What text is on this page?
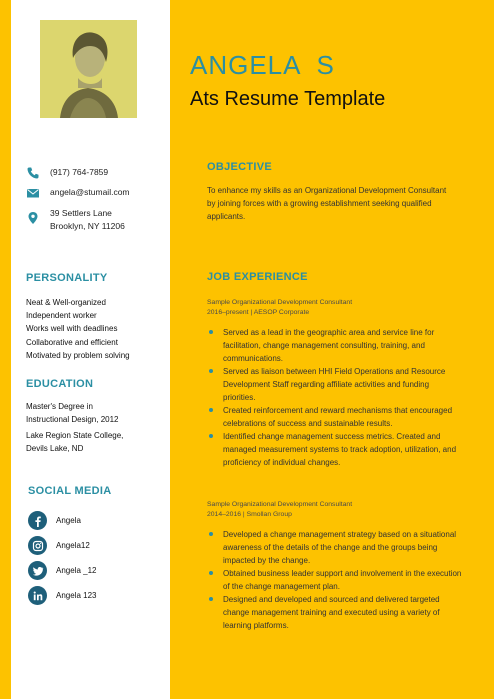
ANGELA  S
Ats Resume Template
(917) 764-7859
angela@stumail.com
39 Settlers Lane
Brooklyn, NY 11206
PERSONALITY
Neat & Well-organized
Independent worker
Works well with deadlines
Collaborative and efficient
Motivated by problem solving
EDUCATION
Master's Degree in
Instructional Design, 2012
Lake Region State College,
Devils Lake, ND
SOCIAL MEDIA
Angela
Angela12
Angela _12
Angela 123
OBJECTIVE
To enhance my skills as an Organizational Development Consultant by joining forces with a growing establishment seeking qualified applicants.
JOB EXPERIENCE
Sample Organizational Development Consultant
2016–present | AESOP Corporate
Served as a lead in the geographic area and service line for facilitation, change management consulting, training, and communications.
Served as liaison between HHI Field Operations and Resource Development Staff regarding affiliate activities and funding priorities.
Created reinforcement and reward mechanisms that encouraged celebrations of success and sustainable results.
Identified change management success metrics. Created and managed measurement systems to track adoption, utilization, and proficiency of individual changes.
Sample Organizational Development Consultant
2014–2016 | Smollan Group
Developed a change management strategy based on a situational awareness of the details of the change and the groups being impacted by the change.
Obtained business leader support and involvement in the execution of the change management plan.
Designed and developed and sourced and delivered targeted change management training and executed using a variety of learning platforms.
